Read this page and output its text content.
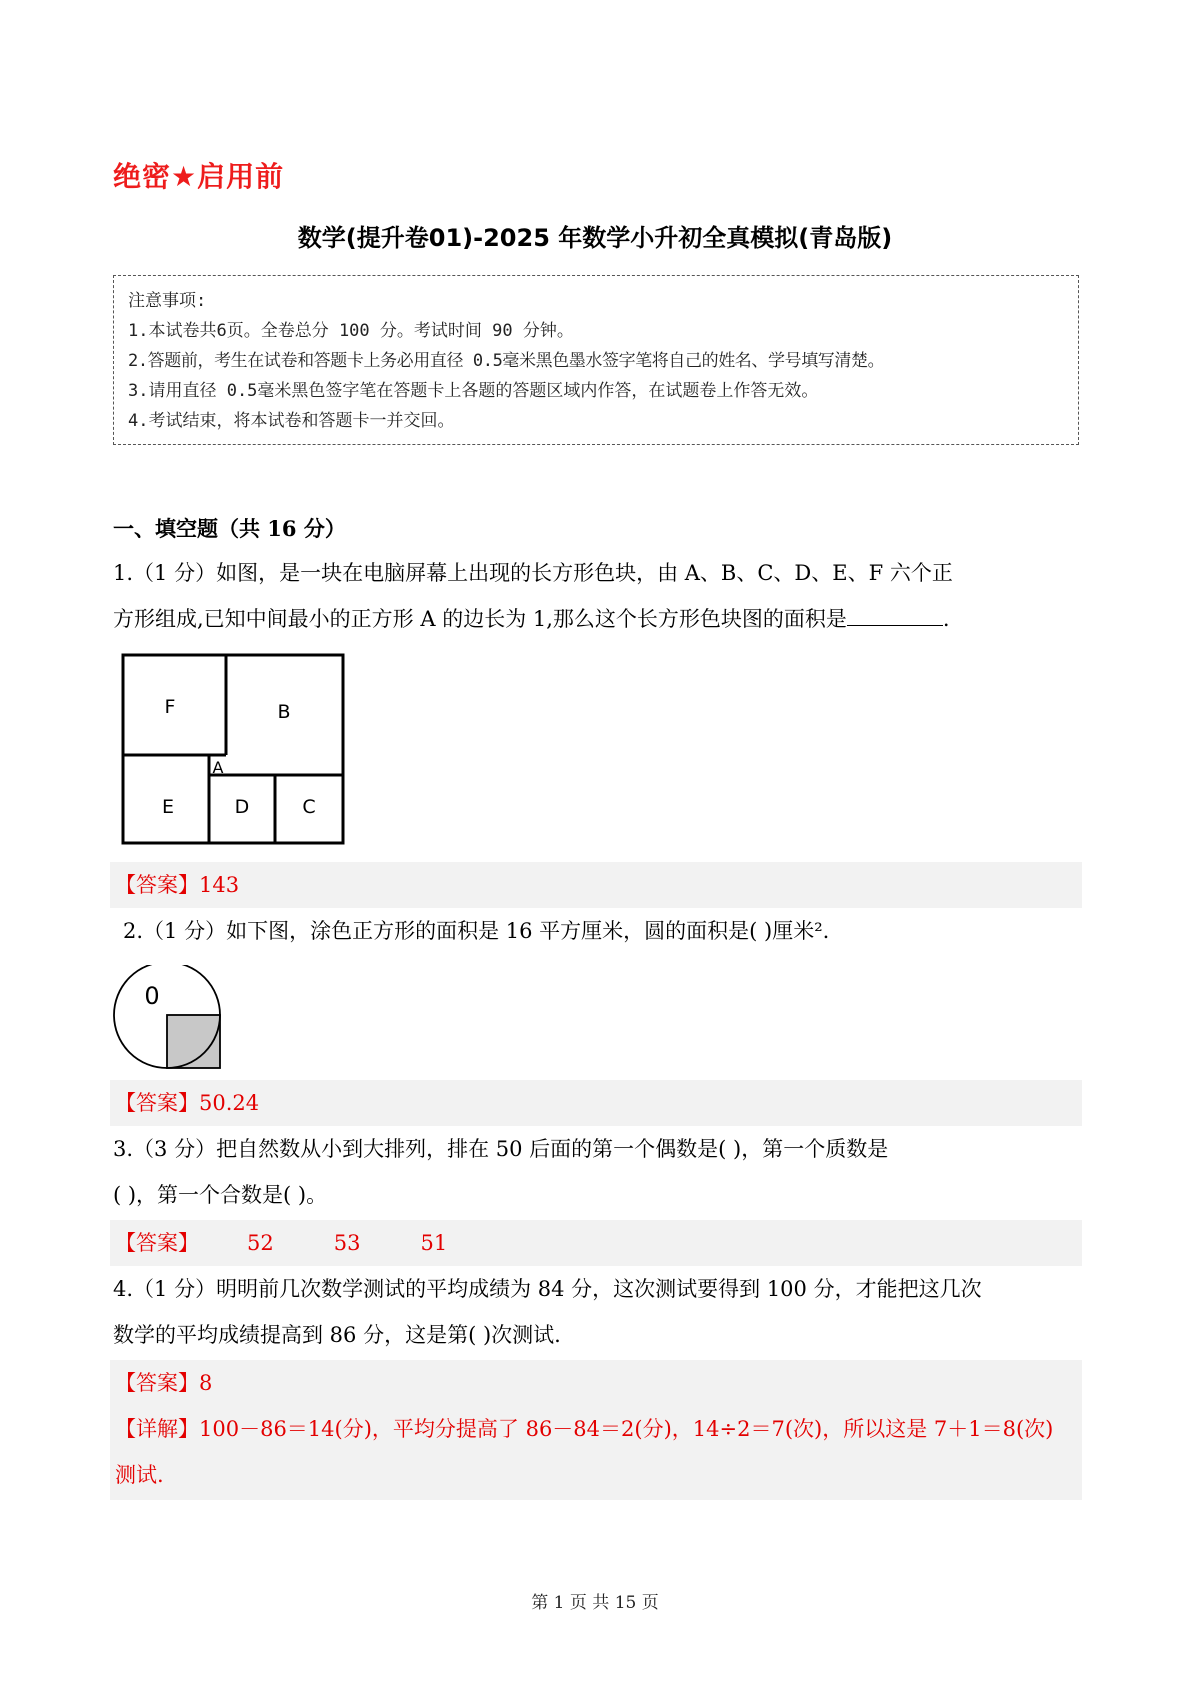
绝密★启用前
数学(提升卷01)-2025 年数学小升初全真模拟(青岛版)
注意事项:
1.本试卷共6页。全卷总分 100 分。考试时间 90 分钟。
2.答题前，考生在试卷和答题卡上务必用直径 0.5毫米黑色墨水签字笔将自己的姓名、学号填写清楚。
3.请用直径 0.5毫米黑色签字笔在答题卡上各题的答题区域内作答，在试题卷上作答无效。
4.考试结束，将本试卷和答题卡一并交回。
一、填空题（共 16 分）
1.（1 分）如图，是一块在电脑屏幕上出现的长方形色块，由 A、B、C、D、E、F 六个正
方形组成,已知中间最小的正方形 A 的边长为 1,那么这个长方形色块图的面积是	.
F	B
A
E	D	C
【答案】143
2.（1 分）如下图，涂色正方形的面积是 16 平方厘米，圆的面积是( )厘米².
0
【答案】50.24
3.（3 分）把自然数从小到大排列，排在 50 后面的第一个偶数是( )，第一个质数是
( )，第一个合数是( )。
【答案】 52	53	51
4.（1 分）明明前几次数学测试的平均成绩为 84 分，这次测试要得到 100 分，才能把这几次
数学的平均成绩提高到 86 分，这是第( )次测试.
【答案】8
【详解】100－86＝14(分)，平均分提高了 86－84＝2(分)，14÷2＝7(次)，所以这是 7＋1＝8(次)
测试.
第 1 页 共 15 页
